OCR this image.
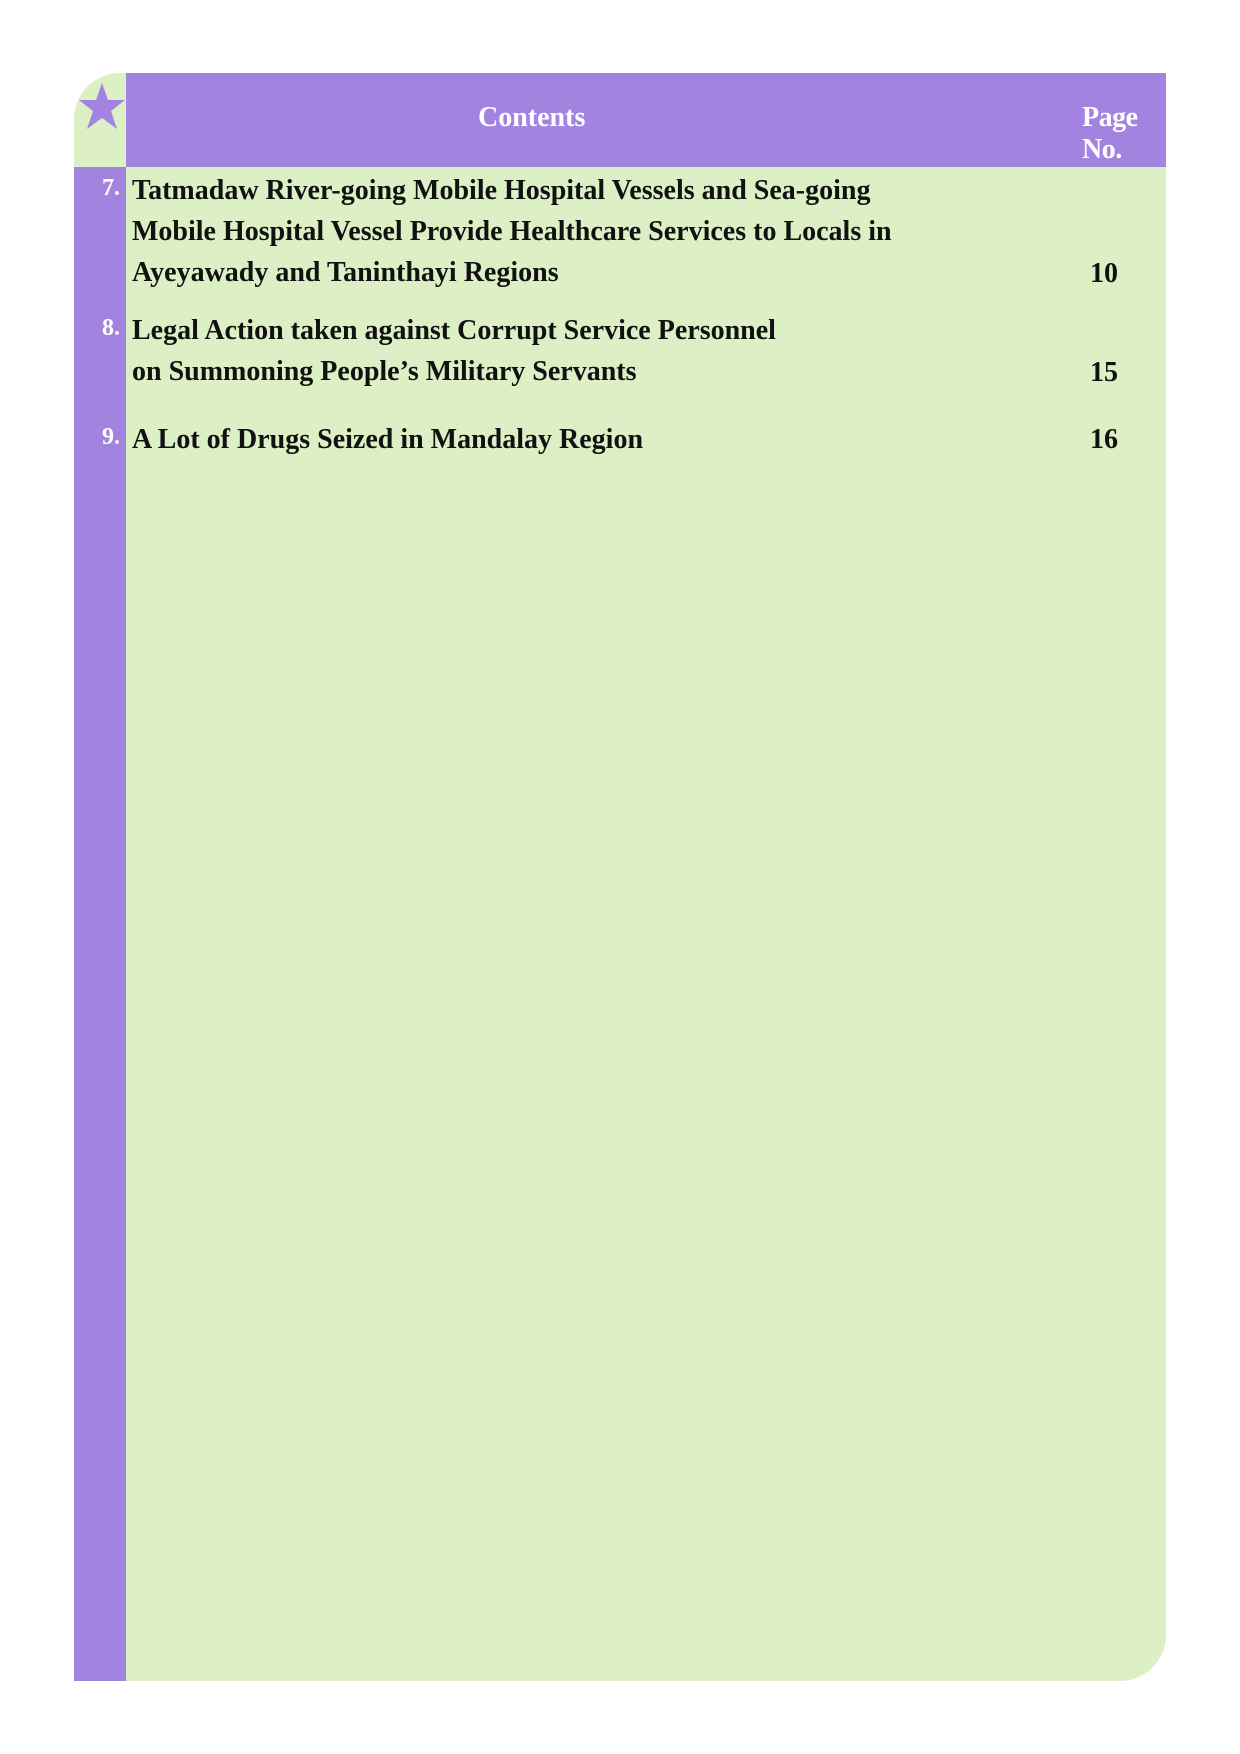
Contents	Page No.
7. Tatmadaw River-going Mobile Hospital Vessels and Sea-going
Mobile Hospital Vessel Provide Healthcare Services to Locals in
Ayeyawady and Taninthayi Regions	10
8. Legal Action taken against Corrupt Service Personnel
on Summoning People’s Military Servants	15
9. A Lot of Drugs Seized in Mandalay Region	16
